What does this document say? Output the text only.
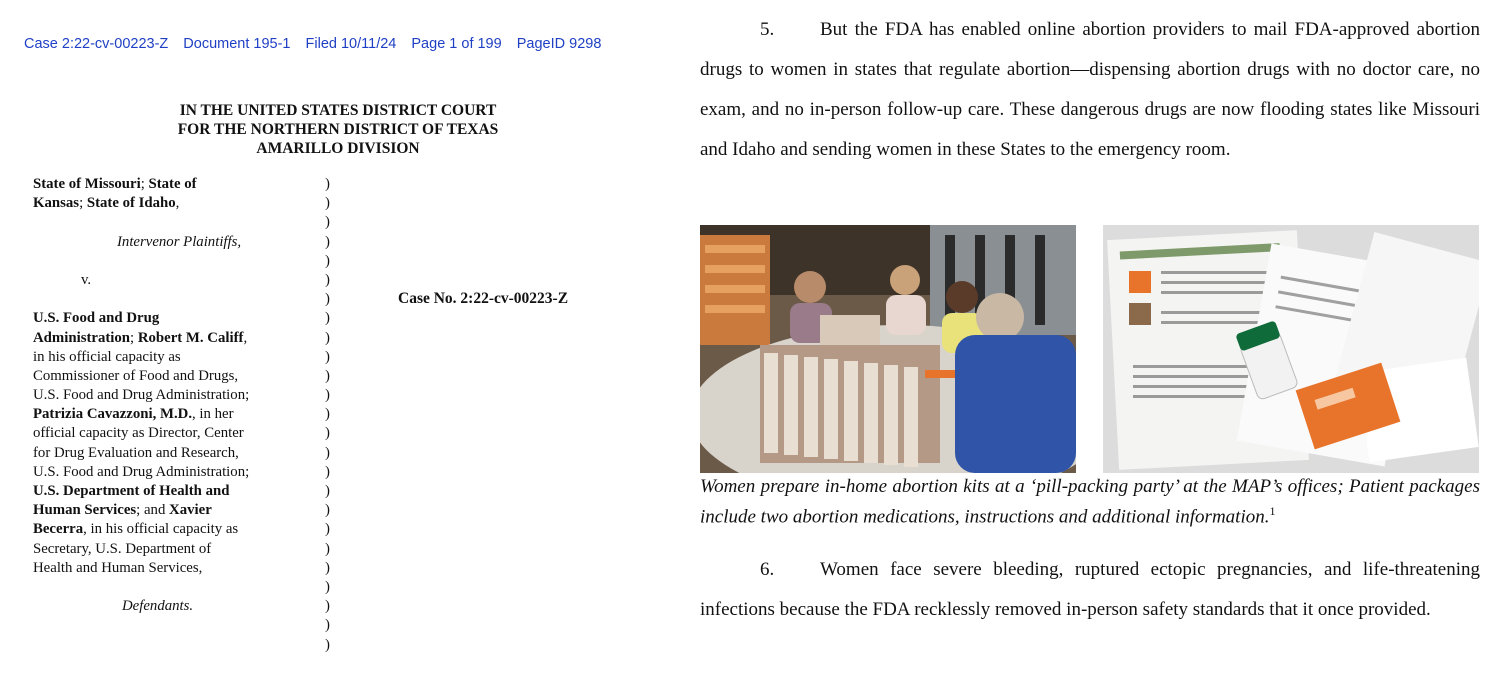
Case 2:22-cv-00223-Z Document 195-1 Filed 10/11/24 Page 1 of 199 PageID 9298
IN THE UNITED STATES DISTRICT COURT
FOR THE NORTHERN DISTRICT OF TEXAS
AMARILLO DIVISION
State of Missouri; State of
Kansas; State of Idaho,
Intervenor Plaintiffs,
v.
U.S. Food and Drug
Administration; Robert M. Califf,
in his official capacity as
Commissioner of Food and Drugs,
U.S. Food and Drug Administration;
Patrizia Cavazzoni, M.D., in her
official capacity as Director, Center
for Drug Evaluation and Research,
U.S. Food and Drug Administration;
U.S. Department of Health and
Human Services; and Xavier
Becerra, in his official capacity as
Secretary, U.S. Department of
Health and Human Services,
Defendants.
)
)
)
)
)
)
)
)
)
)
)
)
)
)
)
)
)
)
)
)
)
)
)
)
)
Case No. 2:22-cv-00223-Z
5. But the FDA has enabled online abortion providers to mail FDA-approved abortion drugs to women in states that regulate abortion—dispensing abortion drugs with no doctor care, no exam, and no in-person follow-up care. These dangerous drugs are now flooding states like Missouri and Idaho and sending women in these States to the emergency room.
Women prepare in-home abortion kits at a ‘pill-packing party’ at the MAP’s offices; Patient packages include two abortion medications, instructions and additional information.$^1$
6. Women face severe bleeding, ruptured ectopic pregnancies, and life-threatening infections because the FDA recklessly removed in-person safety standards that it once provided.
